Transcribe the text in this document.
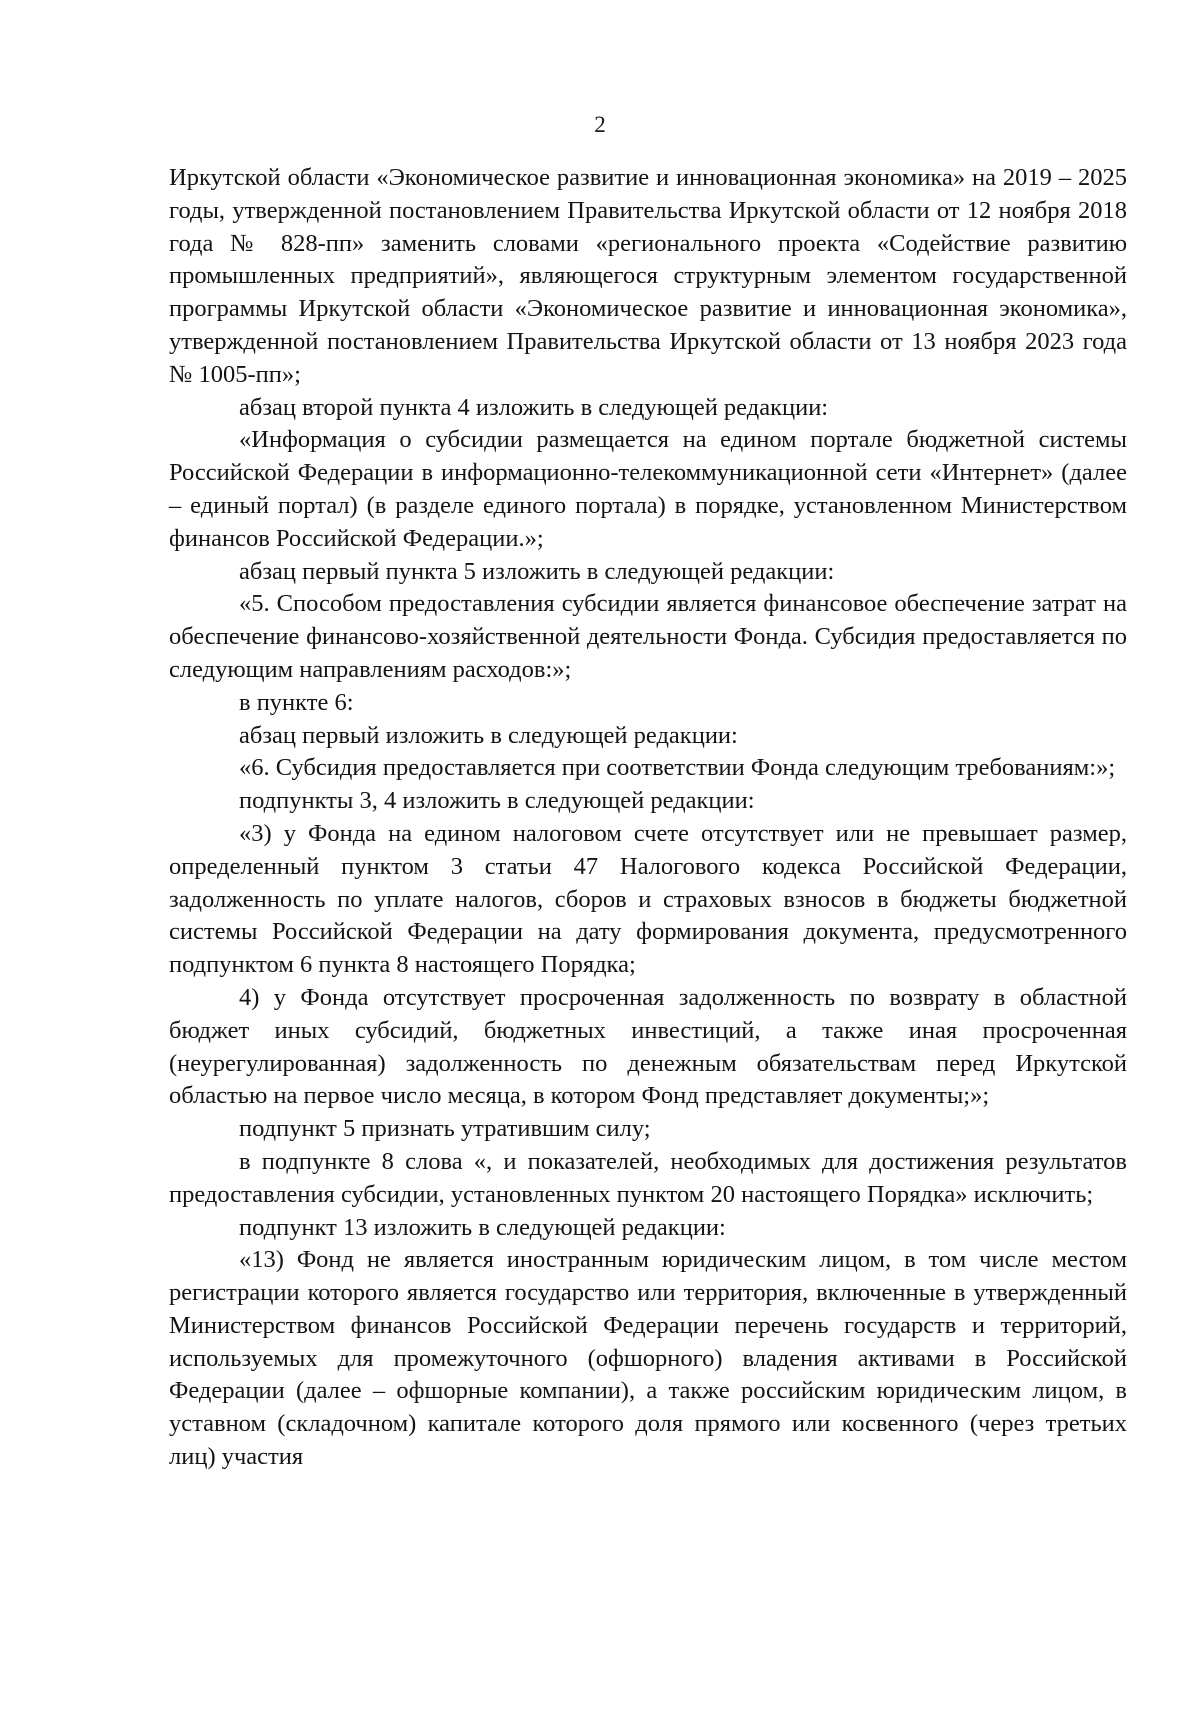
2

Иркутской области «Экономическое развитие и инновационная экономика» на 2019 – 2025 годы, утвержденной постановлением Правительства Иркутской области от 12 ноября 2018 года № 828-пп» заменить словами «регионального проекта «Содействие развитию промышленных предприятий», являющегося структурным элементом государственной программы Иркутской области «Экономическое развитие и инновационная экономика», утвержденной постановлением Правительства Иркутской области от 13 ноября 2023 года № 1005-пп»;

абзац второй пункта 4 изложить в следующей редакции:

«Информация о субсидии размещается на едином портале бюджетной системы Российской Федерации в информационно-телекоммуникационной сети «Интернет» (далее – единый портал) (в разделе единого портала) в порядке, установленном Министерством финансов Российской Федерации.»;

абзац первый пункта 5 изложить в следующей редакции:

«5. Способом предоставления субсидии является финансовое обеспечение затрат на обеспечение финансово-хозяйственной деятельности Фонда. Субсидия предоставляется по следующим направлениям расходов:»;

в пункте 6:

абзац первый изложить в следующей редакции:

«6. Субсидия предоставляется при соответствии Фонда следующим требованиям:»;

подпункты 3, 4 изложить в следующей редакции:

«3) у Фонда на едином налоговом счете отсутствует или не превышает размер, определенный пунктом 3 статьи 47 Налогового кодекса Российской Федерации, задолженность по уплате налогов, сборов и страховых взносов в бюджеты бюджетной системы Российской Федерации на дату формирования документа, предусмотренного подпунктом 6 пункта 8 настоящего Порядка;

4) у Фонда отсутствует просроченная задолженность по возврату в областной бюджет иных субсидий, бюджетных инвестиций, а также иная просроченная (неурегулированная) задолженность по денежным обязательствам перед Иркутской областью на первое число месяца, в котором Фонд представляет документы;»;

подпункт 5 признать утратившим силу;

в подпункте 8 слова «, и показателей, необходимых для достижения результатов предоставления субсидии, установленных пунктом 20 настоящего Порядка» исключить;

подпункт 13 изложить в следующей редакции:

«13) Фонд не является иностранным юридическим лицом, в том числе местом регистрации которого является государство или территория, включенные в утвержденный Министерством финансов Российской Федерации перечень государств и территорий, используемых для промежуточного (офшорного) владения активами в Российской Федерации (далее – офшорные компании), а также российским юридическим лицом, в уставном (складочном) капитале которого доля прямого или косвенного (через третьих лиц) участия
